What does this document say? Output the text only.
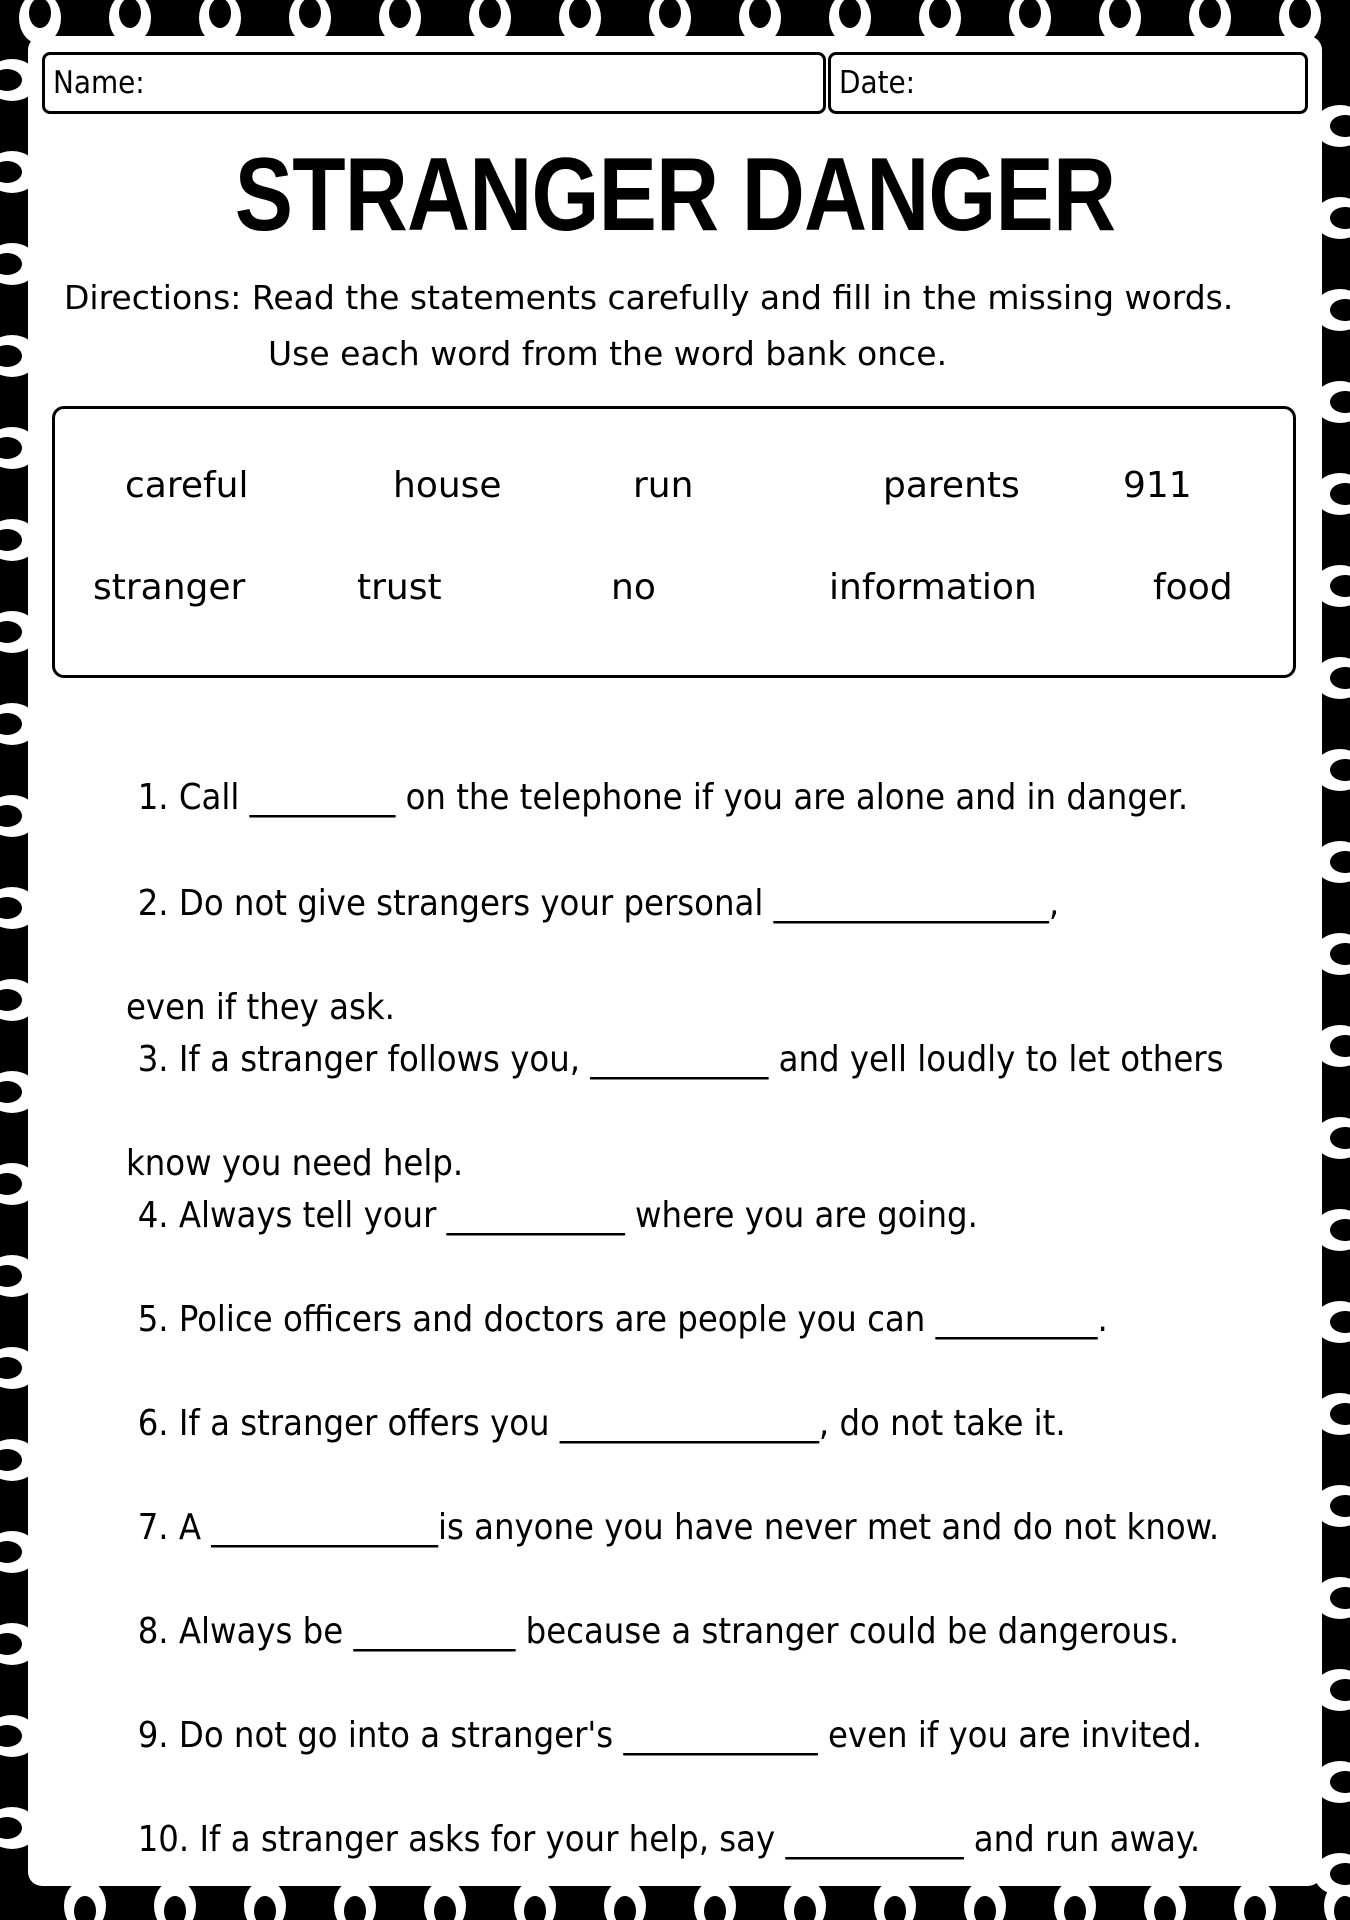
Name:	Date:
STRANGER DANGER
Directions: Read the statements carefully and fill in the missing words.
Use each word from the word bank once.
careful	house	run	parents	911
stranger	trust	no	information	food

1. Call _________ on the telephone if you are alone and in danger.

2. Do not give strangers your personal _________________,

even if they ask.

3. If a stranger follows you, ___________ and yell loudly to let others

know you need help.

4. Always tell your ___________ where you are going.

5. Police officers and doctors are people you can __________.

6. If a stranger offers you ________________, do not take it.

7. A ______________is anyone you have never met and do not know.

8. Always be __________ because a stranger could be dangerous.

9. Do not go into a stranger's ____________ even if you are invited.

10. If a stranger asks for your help, say ___________ and run away.
